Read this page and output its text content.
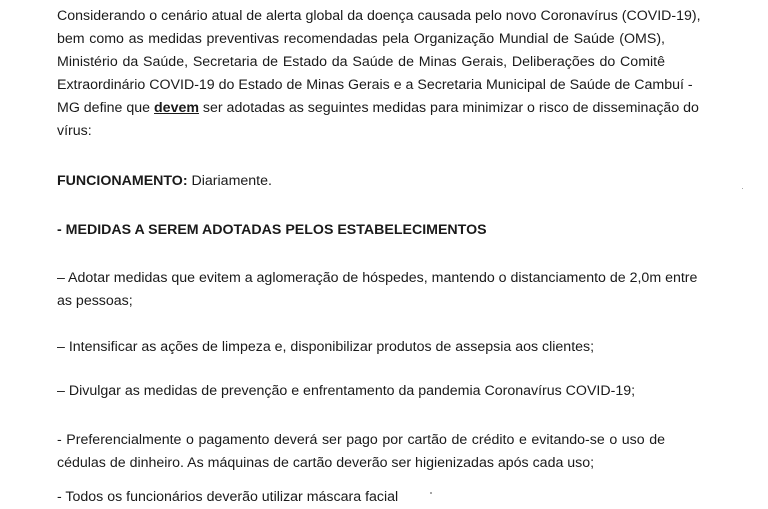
Considerando o cenário atual de alerta global da doença causada pelo novo Coronavírus (COVID-19),
bem como as medidas preventivas recomendadas pela Organização Mundial de Saúde (OMS),
Ministério da Saúde, Secretaria de Estado da Saúde de Minas Gerais, Deliberações do Comitê
Extraordinário COVID-19 do Estado de Minas Gerais e a Secretaria Municipal de Saúde de Cambuí -
MG define que devem ser adotadas as seguintes medidas para minimizar o risco de disseminação do
vírus:
FUNCIONAMENTO: Diariamente.
- MEDIDAS A SEREM ADOTADAS PELOS ESTABELECIMENTOS
– Adotar medidas que evitem a aglomeração de hóspedes, mantendo o distanciamento de 2,0m entre
as pessoas;
– Intensificar as ações de limpeza e, disponibilizar produtos de assepsia aos clientes;
– Divulgar as medidas de prevenção e enfrentamento da pandemia Coronavírus COVID-19;
- Preferencialmente o pagamento deverá ser pago por cartão de crédito e evitando-se o uso de
cédulas de dinheiro. As máquinas de cartão deverão ser higienizadas após cada uso;
- Todos os funcionários deverão utilizar máscara facial
